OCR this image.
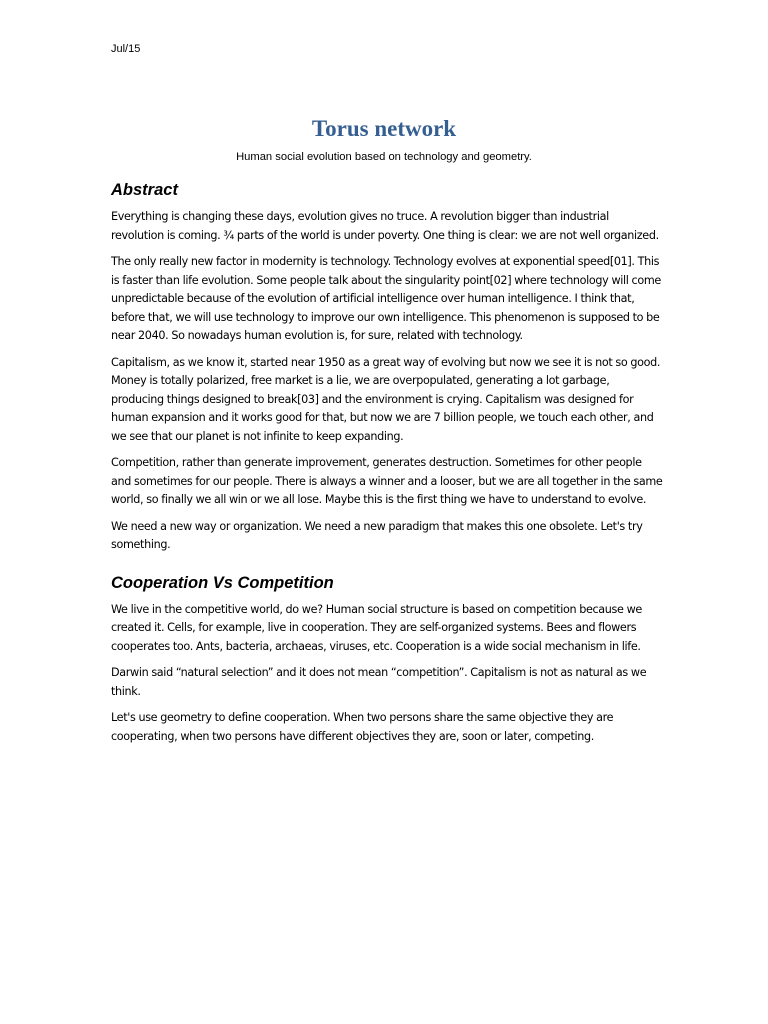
Jul/15
Torus network
Human social evolution based on technology and geometry.
Abstract

Everything is changing these days, evolution gives no truce. A revolution bigger than industrial revolution is coming. ¾ parts of the world is under poverty. One thing is clear: we are not well organized.

The only really new factor in modernity is technology. Technology evolves at exponential speed[01]. This is faster than life evolution. Some people talk about the singularity point[02] where technology will come unpredictable because of the evolution of artificial intelligence over human intelligence. I think that, before that, we will use technology to improve our own intelligence. This phenomenon is supposed to be near 2040. So nowadays human evolution is, for sure, related with technology.

Capitalism, as we know it, started near 1950 as a great way of evolving but now we see it is not so good. Money is totally polarized, free market is a lie, we are overpopulated, generating a lot garbage, producing things designed to break[03] and the environment is crying. Capitalism was designed for human expansion and it works good for that, but now we are 7 billion people, we touch each other, and we see that our planet is not infinite to keep expanding.

Competition, rather than generate improvement, generates destruction. Sometimes for other people and sometimes for our people. There is always a winner and a looser, but we are all together in the same world, so finally we all win or we all lose. Maybe this is the first thing we have to understand to evolve.

We need a new way or organization. We need a new paradigm that makes this one obsolete. Let's try something.

Cooperation Vs Competition

We live in the competitive world, do we? Human social structure is based on competition because we created it. Cells, for example, live in cooperation. They are self-organized systems. Bees and flowers cooperates too. Ants, bacteria, archaeas, viruses, etc. Cooperation is a wide social mechanism in life.

Darwin said “natural selection” and it does not mean “competition”. Capitalism is not as natural as we think.

Let's use geometry to define cooperation. When two persons share the same objective they are cooperating, when two persons have different objectives they are, soon or later, competing.
